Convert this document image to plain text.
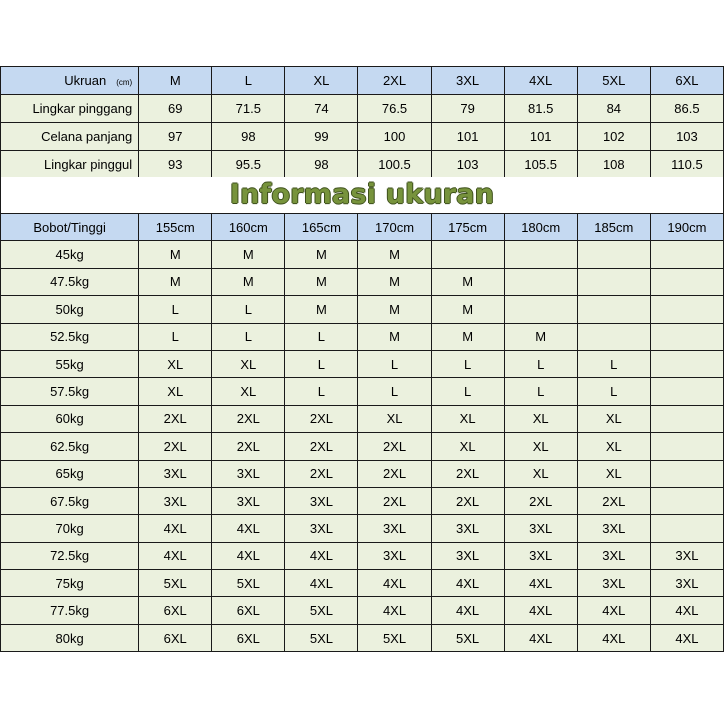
Ukruan (cm)	M	L	XL	2XL	3XL	4XL	5XL	6XL
Lingkar pinggang	69	71.5	74	76.5	79	81.5	84	86.5
Celana panjang	97	98	99	100	101	101	102	103
Lingkar pinggul	93	95.5	98	100.5	103	105.5	108	110.5
Informasi ukuran
Bobot/Tinggi	155cm	160cm	165cm	170cm	175cm	180cm	185cm	190cm
45kg	M	M	M	M				
47.5kg	M	M	M	M	M			
50kg	L	L	M	M	M			
52.5kg	L	L	L	M	M	M		
55kg	XL	XL	L	L	L	L	L	
57.5kg	XL	XL	L	L	L	L	L	
60kg	2XL	2XL	2XL	XL	XL	XL	XL	
62.5kg	2XL	2XL	2XL	2XL	XL	XL	XL	
65kg	3XL	3XL	2XL	2XL	2XL	XL	XL	
67.5kg	3XL	3XL	3XL	2XL	2XL	2XL	2XL	
70kg	4XL	4XL	3XL	3XL	3XL	3XL	3XL	
72.5kg	4XL	4XL	4XL	3XL	3XL	3XL	3XL	3XL
75kg	5XL	5XL	4XL	4XL	4XL	4XL	3XL	3XL
77.5kg	6XL	6XL	5XL	4XL	4XL	4XL	4XL	4XL
80kg	6XL	6XL	5XL	5XL	5XL	4XL	4XL	4XL
